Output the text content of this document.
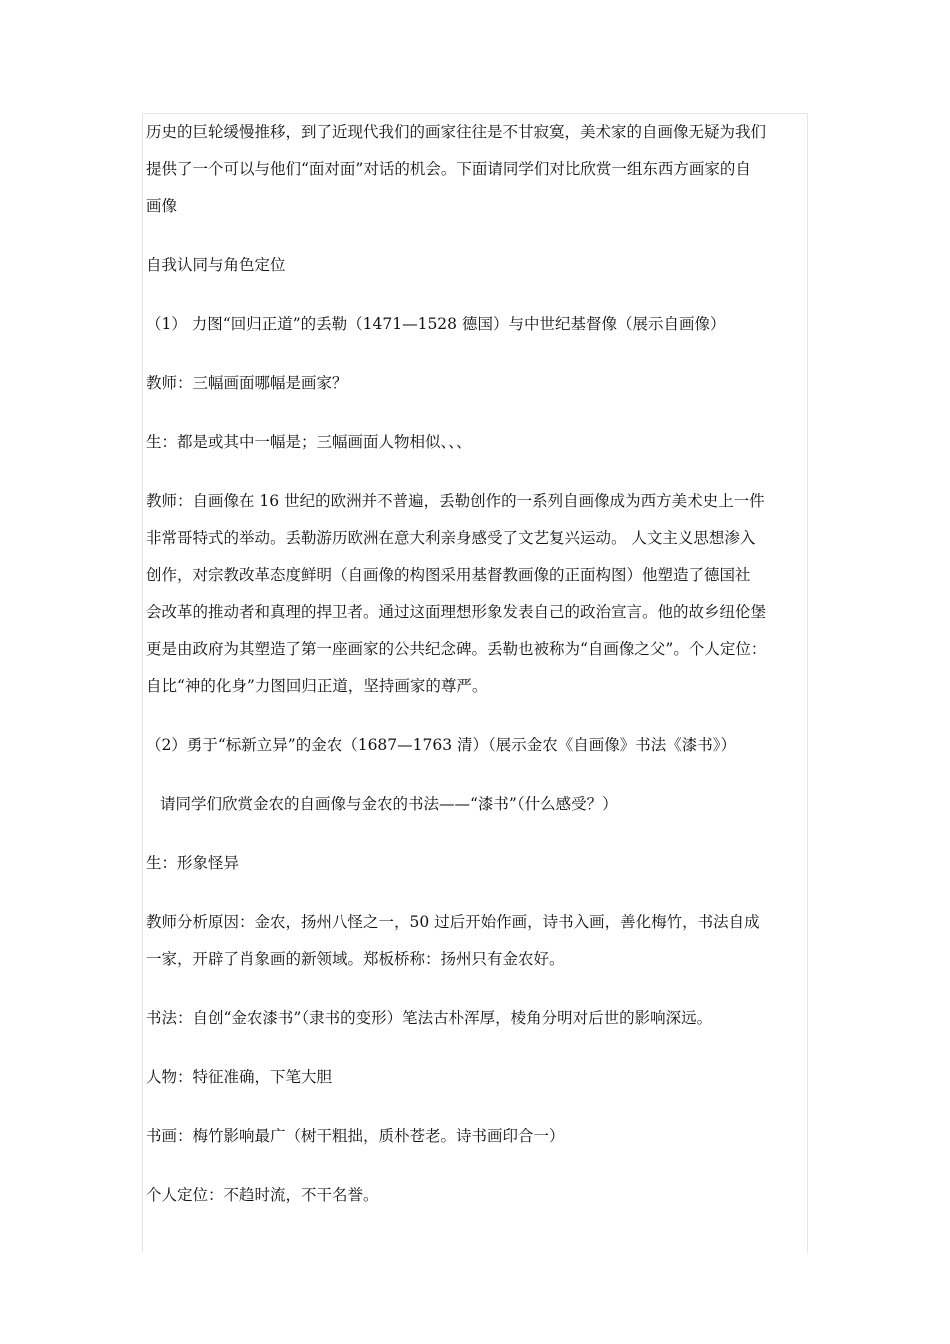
历史的巨轮缓慢推移，到了近现代我们的画家往往是不甘寂寞，美术家的自画像无疑为我们
提供了一个可以与他们“面对面”对话的机会。下面请同学们对比欣赏一组东西方画家的自
画像

自我认同与角色定位

（1） 力图“回归正道”的丢勒（1471—1528 德国）与中世纪基督像（展示自画像）

教师：三幅画面哪幅是画家？

生：都是或其中一幅是；三幅画面人物相似、、、

教师：自画像在 16 世纪的欧洲并不普遍，丢勒创作的一系列自画像成为西方美术史上一件
非常哥特式的举动。丢勒游历欧洲在意大利亲身感受了文艺复兴运动。 人文主义思想渗入
创作，对宗教改革态度鲜明（自画像的构图采用基督教画像的正面构图）他塑造了德国社
会改革的推动者和真理的捍卫者。通过这面理想形象发表自己的政治宣言。他的故乡纽伦堡
更是由政府为其塑造了第一座画家的公共纪念碑。丢勒也被称为“自画像之父”。个人定位：
自比“神的化身”力图回归正道，坚持画家的尊严。

（2）勇于“标新立异”的金农（1687—1763 清）（展示金农《自画像》书法《漆书》）

请同学们欣赏金农的自画像与金农的书法——“漆书”（什么感受？）

生：形象怪异

教师分析原因：金农，扬州八怪之一，50 过后开始作画，诗书入画，善化梅竹，书法自成
一家，开辟了肖象画的新领域。郑板桥称：扬州只有金农好。

书法：自创“金农漆书”（隶书的变形）笔法古朴浑厚，棱角分明对后世的影响深远。

人物：特征准确，下笔大胆

书画：梅竹影响最广（树干粗拙，质朴苍老。诗书画印合一）

个人定位：不趋时流，不干名誉。
